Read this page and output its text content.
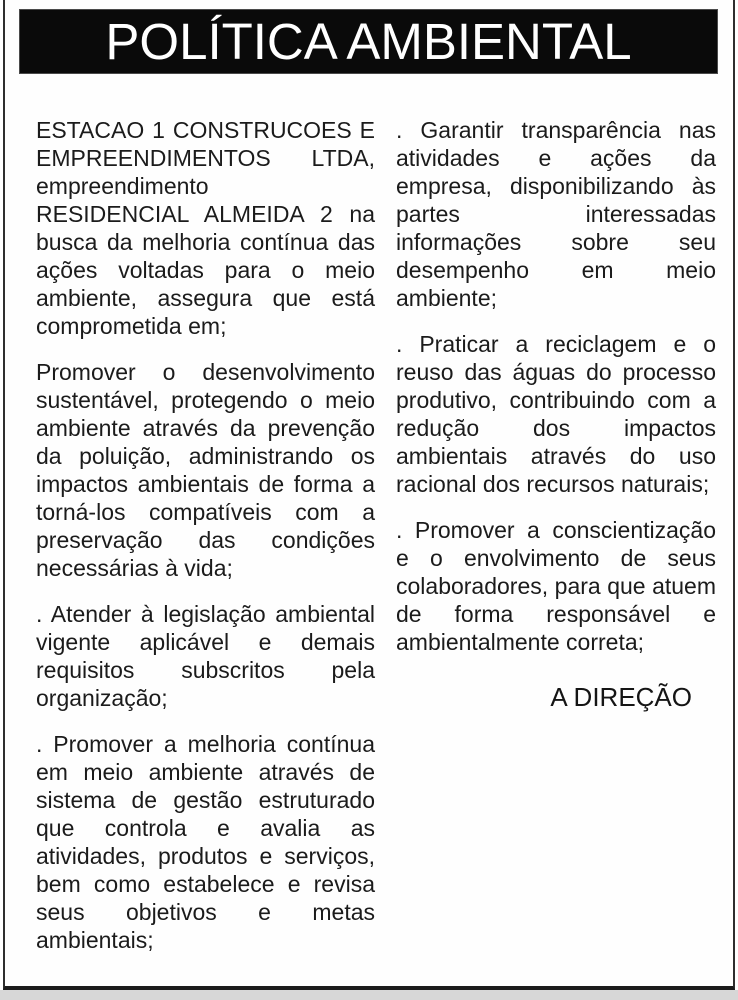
POLÍTICA AMBIENTAL

ESTACAO 1 CONSTRUCOES E EMPREENDIMENTOS LTDA, empreendimento
RESIDENCIAL ALMEIDA 2 na busca da melhoria contínua das ações voltadas para o meio ambiente, assegura que está comprometida em;

Promover o desenvolvimento sustentável, protegendo o meio ambiente através da prevenção da poluição, administrando os impactos ambientais de forma a torná-los compatíveis com a preservação das condições necessárias à vida;

. Atender à legislação ambiental vigente aplicável e demais requisitos subscritos pela organização;

. Promover a melhoria contínua em meio ambiente através de sistema de gestão estruturado que controla e avalia as atividades, produtos e serviços, bem como estabelece e revisa seus objetivos e metas ambientais;

. Garantir transparência nas atividades e ações da empresa, disponibilizando às partes interessadas informações sobre seu desempenho em meio ambiente;

. Praticar a reciclagem e o reuso das águas do processo produtivo, contribuindo com a redução dos impactos ambientais através do uso racional dos recursos naturais;

. Promover a conscientização e o envolvimento de seus colaboradores, para que atuem de forma responsável e ambientalmente correta;

A DIREÇÃO
